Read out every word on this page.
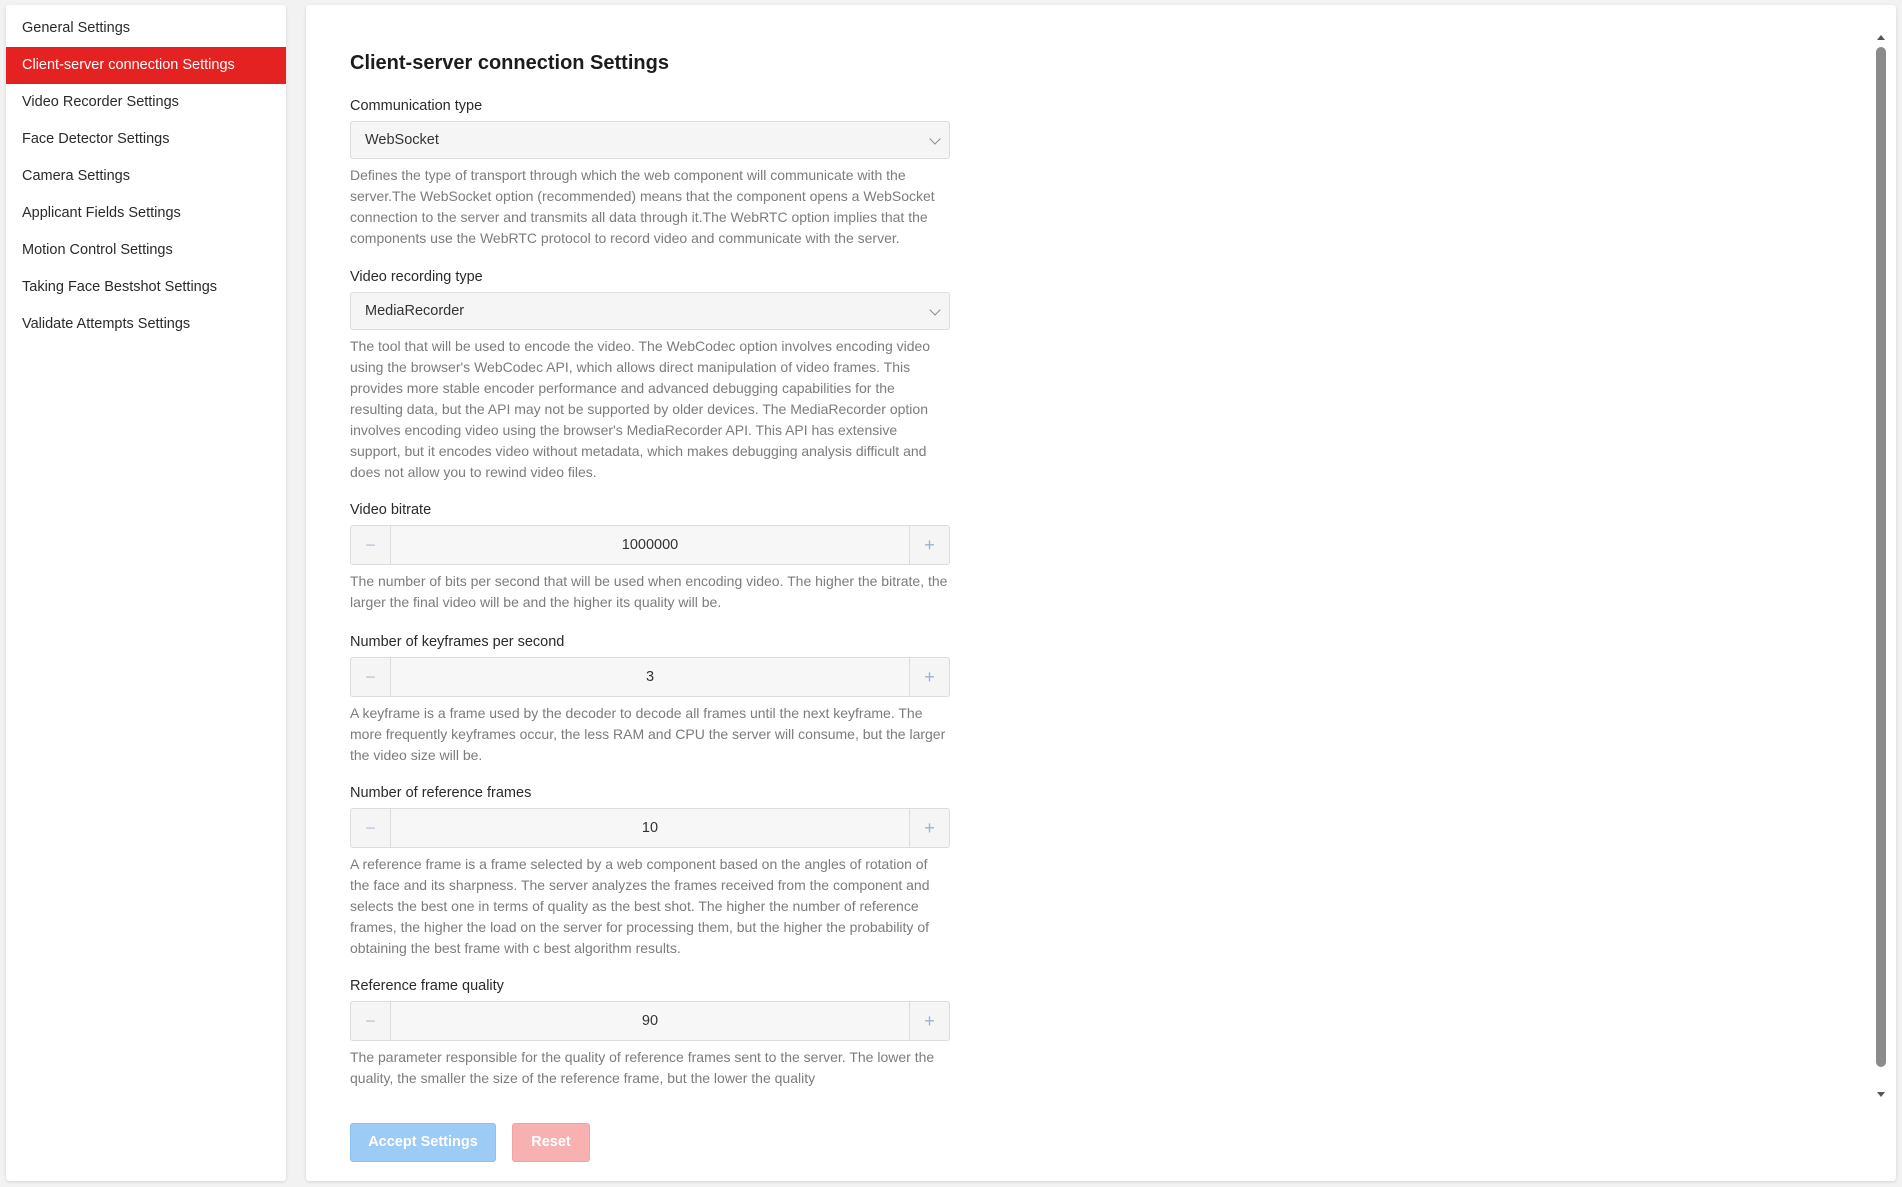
General Settings
Client-server connection Settings
Video Recorder Settings
Face Detector Settings
Camera Settings
Applicant Fields Settings
Motion Control Settings
Taking Face Bestshot Settings
Validate Attempts Settings
Client-server connection Settings
Communication type
WebSocket
Defines the type of transport through which the web component will communicate with the server.The WebSocket option (recommended) means that the component opens a WebSocket connection to the server and transmits all data through it.The WebRTC option implies that the components use the WebRTC protocol to record video and communicate with the server.
Video recording type
MediaRecorder
The tool that will be used to encode the video. The WebCodec option involves encoding video using the browser's WebCodec API, which allows direct manipulation of video frames. This provides more stable encoder performance and advanced debugging capabilities for the resulting data, but the API may not be supported by older devices. The MediaRecorder option involves encoding video using the browser's MediaRecorder API. This API has extensive support, but it encodes video without metadata, which makes debugging analysis difficult and does not allow you to rewind video files.
Video bitrate
−	1000000	+
The number of bits per second that will be used when encoding video. The higher the bitrate, the larger the final video will be and the higher its quality will be.
Number of keyframes per second
−	3	+
A keyframe is a frame used by the decoder to decode all frames until the next keyframe. The more frequently keyframes occur, the less RAM and CPU the server will consume, but the larger the video size will be.
Number of reference frames
−	10	+
A reference frame is a frame selected by a web component based on the angles of rotation of the face and its sharpness. The server analyzes the frames received from the component and selects the best one in terms of quality as the best shot. The higher the number of reference frames, the higher the load on the server for processing them, but the higher the probability of obtaining the best frame with c best algorithm results.
Reference frame quality
−	90	+
The parameter responsible for the quality of reference frames sent to the server. The lower the quality, the smaller the size of the reference frame, but the lower the quality
Accept Settings	Reset
